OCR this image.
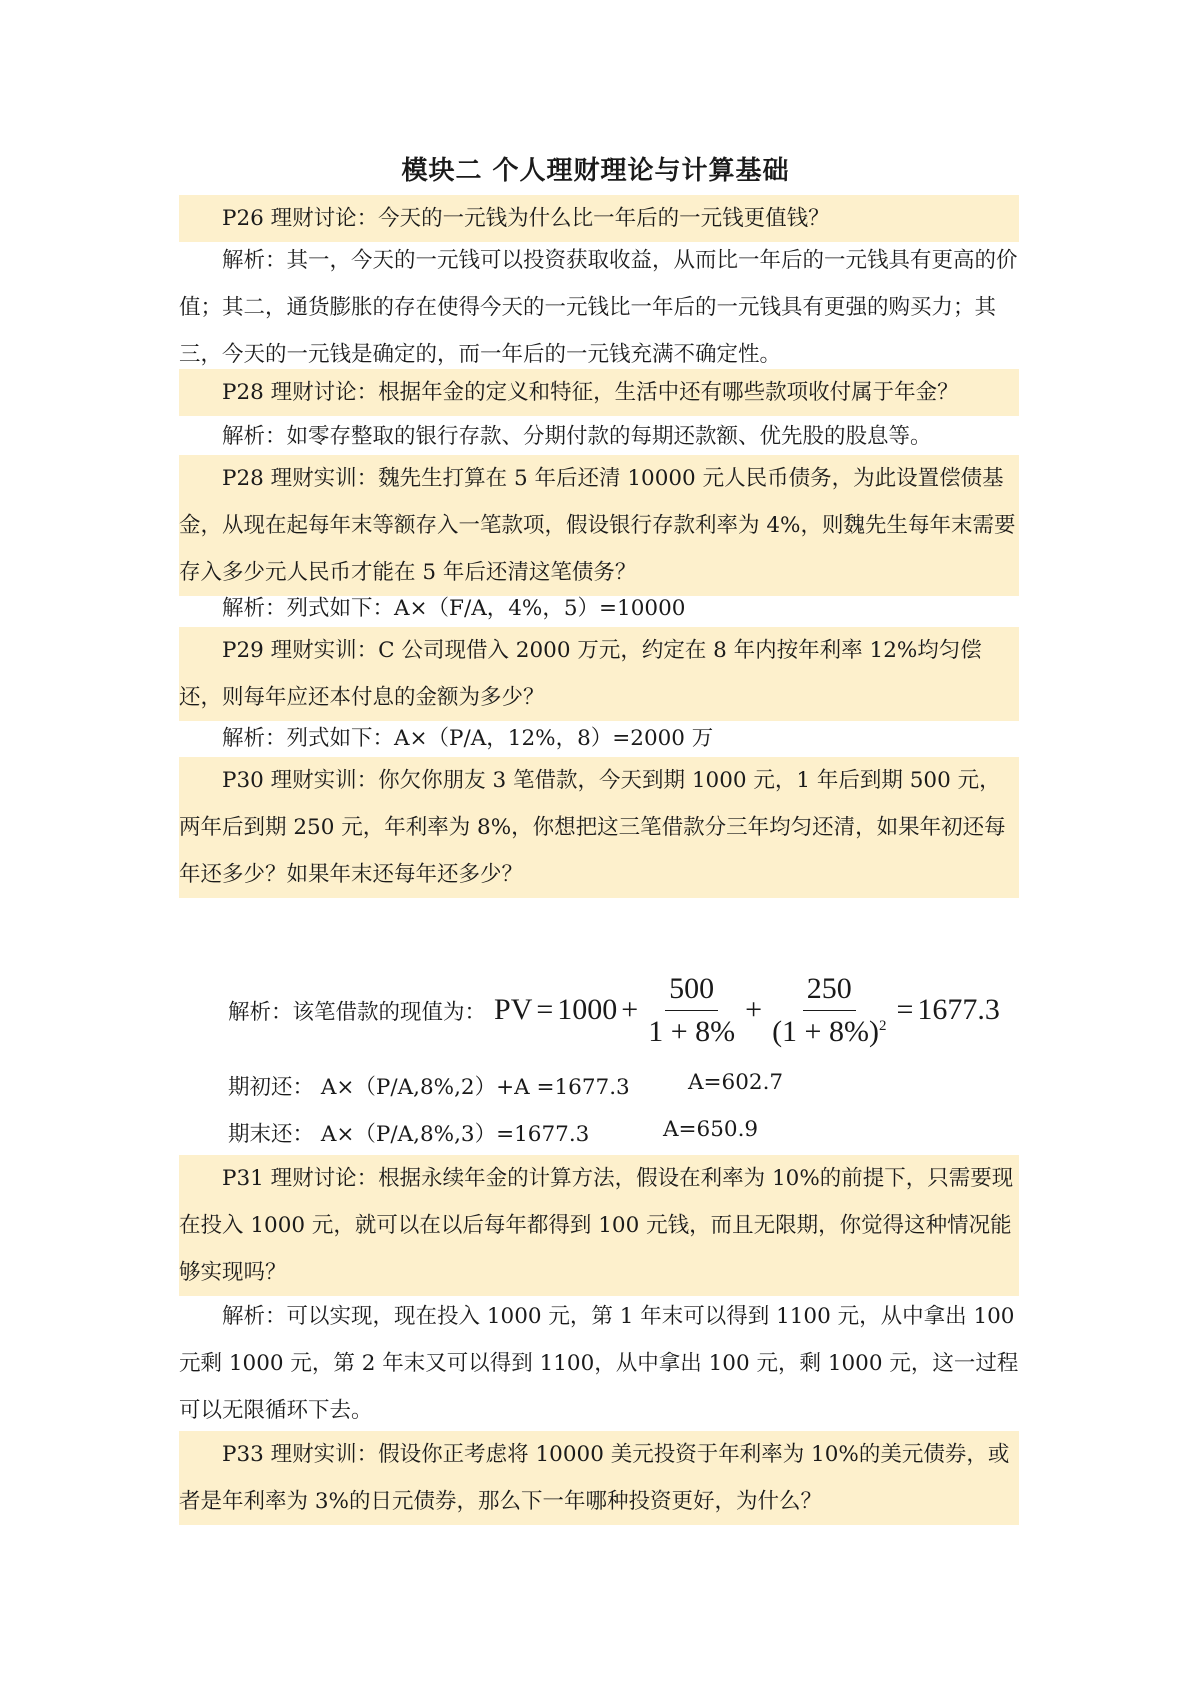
模块二 个人理财理论与计算基础
P26 理财讨论：今天的一元钱为什么比一年后的一元钱更值钱？
解析：其一，今天的一元钱可以投资获取收益，从而比一年后的一元钱具有更高的价值；其二，通货膨胀的存在使得今天的一元钱比一年后的一元钱具有更强的购买力；其三，今天的一元钱是确定的，而一年后的一元钱充满不确定性。
P28 理财讨论：根据年金的定义和特征，生活中还有哪些款项收付属于年金？
解析：如零存整取的银行存款、分期付款的每期还款额、优先股的股息等。
P28 理财实训：魏先生打算在 5 年后还清 10000 元人民币债务，为此设置偿债基金，从现在起每年末等额存入一笔款项，假设银行存款利率为 4%，则魏先生每年末需要存入多少元人民币才能在 5 年后还清这笔债务？
解析：列式如下：A×（F/A，4%，5）=10000
P29 理财实训：C 公司现借入 2000 万元，约定在 8 年内按年利率 12%均匀偿还，则每年应还本付息的金额为多少？
解析：列式如下：A×（P/A，12%，8）=2000 万
P30 理财实训：你欠你朋友 3 笔借款，今天到期 1000 元，1 年后到期 500 元，两年后到期 250 元，年利率为 8%，你想把这三笔借款分三年均匀还清，如果年初还每年还多少？如果年末还每年还多少？
解析：该笔借款的现值为： PV = $1000 + \frac{500}{1 + 8\%} + \frac{250}{(1 + 8\%)^2} = 1677.3$
期初还： A×（P/A,8%,2）+A =1677.3	A=602.7
期末还： A×（P/A,8%,3）=1677.3	A=650.9
P31 理财讨论：根据永续年金的计算方法，假设在利率为 10%的前提下，只需要现在投入 1000 元，就可以在以后每年都得到 100 元钱，而且无限期，你觉得这种情况能够实现吗？
解析：可以实现，现在投入 1000 元，第 1 年末可以得到 1100 元，从中拿出 100 元剩 1000 元，第 2 年末又可以得到 1100，从中拿出 100 元，剩 1000 元，这一过程可以无限循环下去。
P33 理财实训：假设你正考虑将 10000 美元投资于年利率为 10%的美元债券，或者是年利率为 3%的日元债券，那么下一年哪种投资更好，为什么？
